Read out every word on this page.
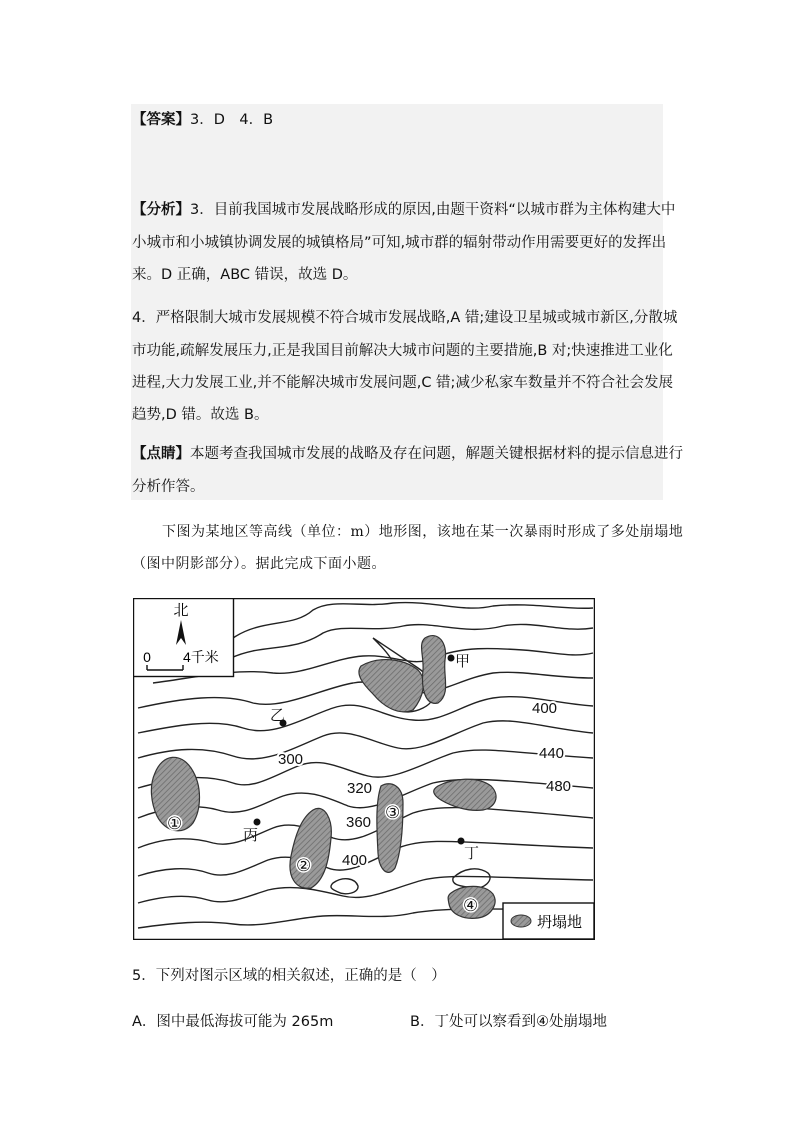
【答案】3．D　4．B
【分析】3．目前我国城市发展战略形成的原因,由题干资料“以城市群为主体构建大中
小城市和小城镇协调发展的城镇格局”可知,城市群的辐射带动作用需要更好的发挥出
来。D 正确，ABC 错误，故选 D。
4．严格限制大城市发展规模不符合城市发展战略,A 错;建设卫星城或城市新区,分散城
市功能,疏解发展压力,正是我国目前解决大城市问题的主要措施,B 对;快速推进工业化
进程,大力发展工业,并不能解决城市发展问题,C 错;减少私家车数量并不符合社会发展
趋势,D 错。故选 B。
【点睛】本题考查我国城市发展的战略及存在问题，解题关键根据材料的提示信息进行
分析作答。
下图为某地区等高线（单位：m）地形图，该地在某一次暴雨时形成了多处崩塌地
（图中阴影部分）。据此完成下面小题。
北
0 4千米
坍塌地
甲
乙
丙
丁
300
320
360
400
400
440
480
①
②
③
④
5．下列对图示区域的相关叙述，正确的是（　）
A．图中最低海拔可能为 265m	B．丁处可以察看到④处崩塌地
